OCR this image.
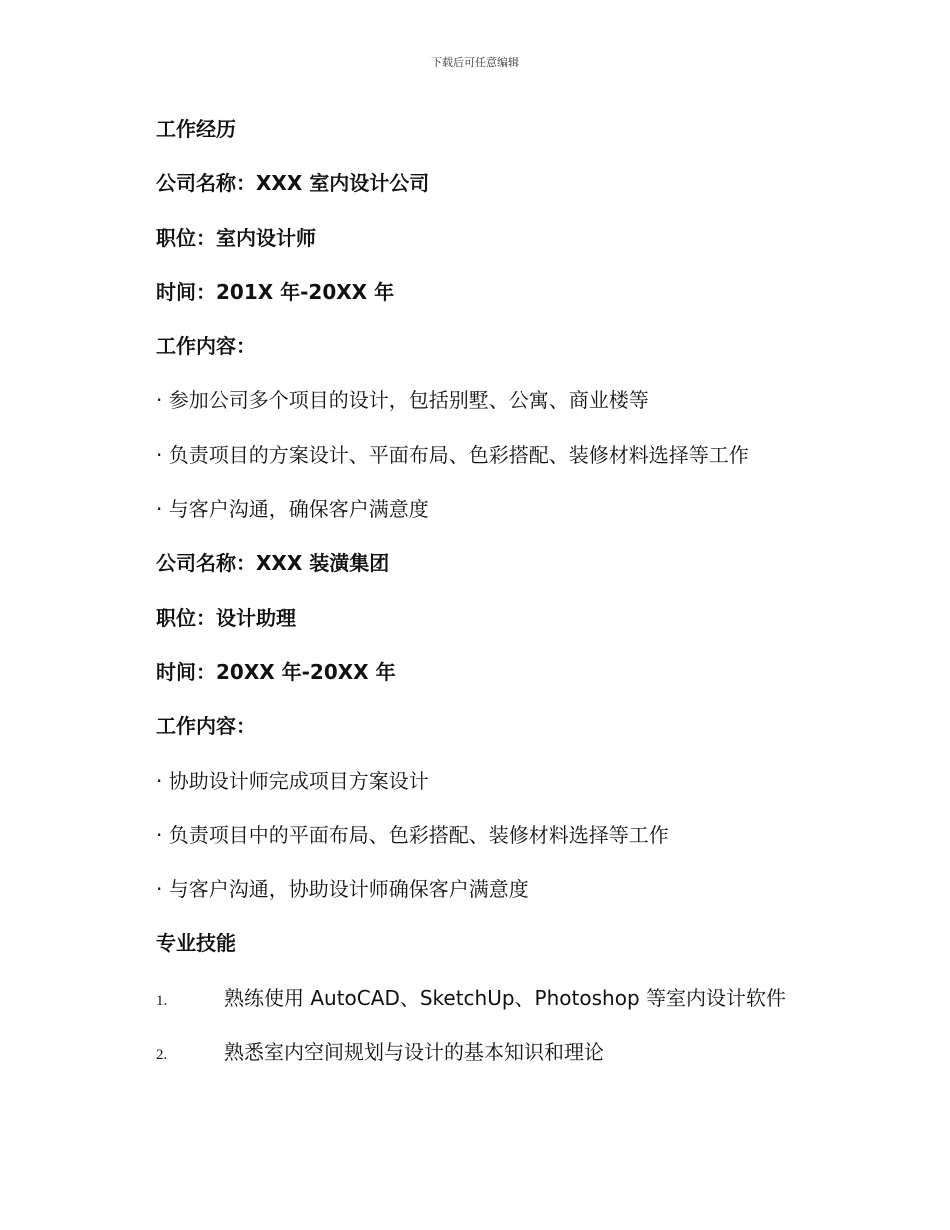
下载后可任意编辑
工作经历
公司名称：XXX 室内设计公司
职位：室内设计师
时间：201X 年-20XX 年
工作内容：
· 参加公司多个项目的设计，包括别墅、公寓、商业楼等
· 负责项目的方案设计、平面布局、色彩搭配、装修材料选择等工作
· 与客户沟通，确保客户满意度
公司名称：XXX 装潢集团
职位：设计助理
时间：20XX 年-20XX 年
工作内容：
· 协助设计师完成项目方案设计
· 负责项目中的平面布局、色彩搭配、装修材料选择等工作
· 与客户沟通，协助设计师确保客户满意度
专业技能
1.	熟练使用 AutoCAD、SketchUp、Photoshop 等室内设计软件
2.	熟悉室内空间规划与设计的基本知识和理论
